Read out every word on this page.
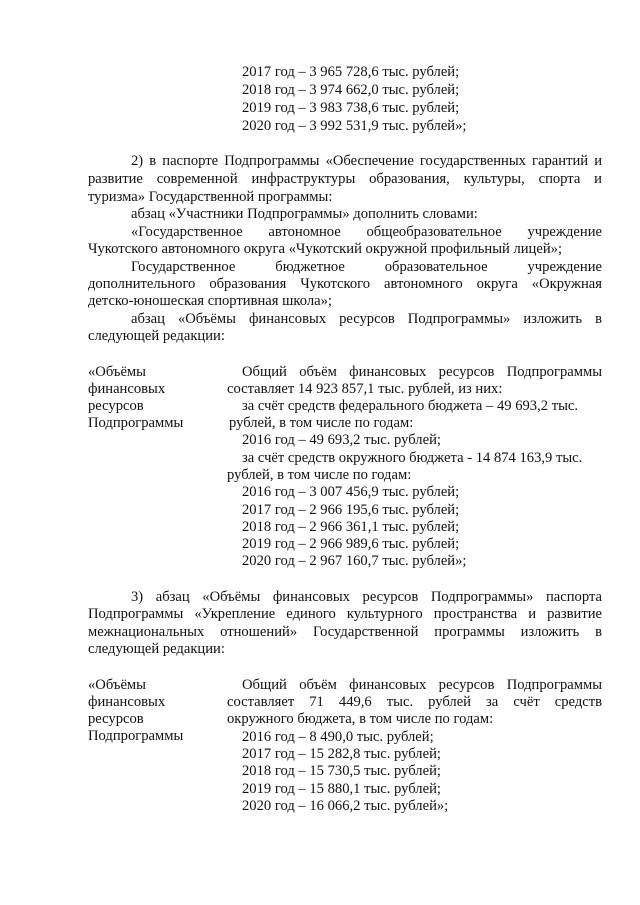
2017 год – 3 965 728,6 тыс. рублей;
2018 год – 3 974 662,0 тыс. рублей;
2019 год – 3 983 738,6 тыс. рублей;
2020 год – 3 992 531,9 тыс. рублей»;
2) в паспорте Подпрограммы «Обеспечение государственных гарантий и
развитие современной инфраструктуры образования, культуры, спорта и
туризма» Государственной программы:
абзац «Участники Подпрограммы» дополнить словами:
«Государственное автономное общеобразовательное учреждение
Чукотского автономного округа «Чукотский окружной профильный лицей»;
Государственное бюджетное образовательное учреждение
дополнительного образования Чукотского автономного округа «Окружная
детско-юношеская спортивная школа»;
абзац «Объёмы финансовых ресурсов Подпрограммы» изложить в
следующей редакции:
«Объёмы
финансовых
ресурсов
Подпрограммы
Общий объём финансовых ресурсов Подпрограммы
составляет 14 923 857,1 тыс. рублей, из них:
за счёт средств федерального бюджета – 49 693,2 тыс.
рублей, в том числе по годам:
2016 год – 49 693,2 тыс. рублей;
за счёт средств окружного бюджета - 14 874 163,9 тыс.
рублей, в том числе по годам:
2016 год – 3 007 456,9 тыс. рублей;
2017 год – 2 966 195,6 тыс. рублей;
2018 год – 2 966 361,1 тыс. рублей;
2019 год – 2 966 989,6 тыс. рублей;
2020 год – 2 967 160,7 тыс. рублей»;
3) абзац «Объёмы финансовых ресурсов Подпрограммы» паспорта
Подпрограммы «Укрепление единого культурного пространства и развитие
межнациональных отношений» Государственной программы изложить в
следующей редакции:
«Объёмы
финансовых
ресурсов
Подпрограммы
Общий объём финансовых ресурсов Подпрограммы
составляет 71 449,6 тыс. рублей за счёт средств
окружного бюджета, в том числе по годам:
2016 год – 8 490,0 тыс. рублей;
2017 год – 15 282,8 тыс. рублей;
2018 год – 15 730,5 тыс. рублей;
2019 год – 15 880,1 тыс. рублей;
2020 год – 16 066,2 тыс. рублей»;
